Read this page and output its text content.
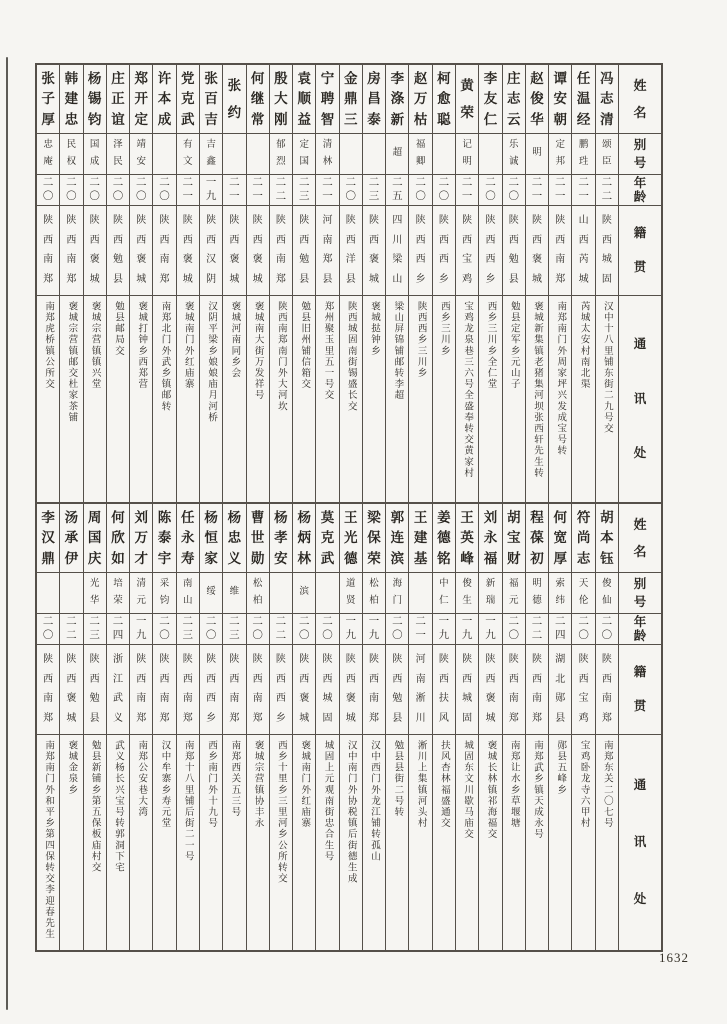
姓
名
别
号
年
龄
籍
贯
通
讯
处
冯
志
清
颂
臣
二
二
陕
西
城
固
汉中十八里铺东街二九号交
任
温
经
鹏
珄
二
一
山
西
芮
城
芮城太安村南北渠
谭
安
朝
定
邦
二
一
陕
西
南
郑
南郑南门外周家坪兴发成宝号转
赵
俊
华
明
二
一
陕
西
褒
城
褒城新集镇老猪集河坝张西轩先生转
庄
志
云
乐
诚
二
〇
陕
西
勉
县
勉县定军乡元山子
李
友
仁
二
〇
陕
西
西
乡
西乡三川乡全仁堂
黄
荣
记
明
二
一
陕
西
宝
鸡
宝鸡龙泉巷三六号全盛奉转交黄家村
柯
愈
聪
二
〇
陕
西
西
乡
西乡三川乡
赵
万
枯
福
卿
二
〇
陕
西
西
乡
陕西西乡三川乡
李
涤
新
超
二
五
四
川
梁
山
梁山屏锦铺邮转李超
房
昌
泰
二
三
陕
西
褒
城
褒城挞钟乡
金
鼎
三
二
〇
陕
西
洋
县
陕西城固南街锡盛长交
宁
聘
智
清
林
二
一
河
南
郑
县
郑州聚玉里五一号交
袁
顺
益
定
国
二
三
陕
西
勉
县
勉县旧州铺信箱交
殷
大
刚
郁
烈
二
二
陕
西
南
郑
陕西南郑南门外大河坎
何
继
常
二
一
陕
西
褒
城
褒城南大街万发祥号
张
约
二
一
陕
西
褒
城
褒城河南同乡会
张
百
吉
吉
鑫
一
九
陕
西
汉
阴
汉阴平梁乡娘娘庙月河桥
党
克
武
有
文
二
一
陕
西
褒
城
褒城南门外红庙寨
许
本
成
二
〇
陕
西
南
郑
南郑北门外武乡镇邮转
郑
开
定
靖
安
二
〇
陕
西
褒
城
褒城打钟乡西郑营
庄
正
谊
泽
民
二
〇
陕
西
勉
县
勉县邮局交
杨
锡
钧
国
成
二
〇
陕
西
褒
城
褒城宗营镇镇兴堂
韩
建
忠
民
权
二
〇
陕
西
南
郑
褒城宗营镇邮交杜家茶铺
张
子
厚
忠
庵
二
〇
陕
西
南
郑
南郑虎桥镇公所交
姓
名
别
号
年
龄
籍
贯
通
讯
处
胡
本
钰
俊
仙
二
〇
陕
西
南
郑
南郑东关二〇七号
符
尚
志
天
伦
二
〇
陕
西
宝
鸡
宝鸡卧龙寺六甲村
何
宽
厚
索
纬
二
四
湖
北
郧
县
郧县五峰乡
程
葆
初
明
德
二
二
陕
西
南
郑
南郑武乡镇天成永号
胡
宝
财
福
元
二
〇
陕
西
南
郑
南郑让水乡草堰塘
刘
永
福
新
瑞
一
九
陕
西
褒
城
褒城长林镇祁海福交
王
英
峰
俊
生
一
九
陕
西
城
固
城固东文川歇马庙交
姜
德
铭
中
仁
一
九
陕
西
扶
风
扶风杏林福盛通交
王
建
基
二
一
河
南
淅
川
淅川上集镇河头村
郭
连
滨
海
门
二
〇
陕
西
勉
县
勉县县街二号转
梁
保
荣
松
柏
一
九
陕
西
南
郑
汉中西门外龙江铺转孤山
王
光
德
道
贤
一
九
陕
西
褒
城
汉中南门外协税镇后街德生成
莫
克
武
二
〇
陕
西
城
固
城固上元观南街忠合生号
杨
炳
林
滨
二
〇
陕
西
褒
城
褒城南门外红庙寨
杨
孝
安
二
二
陕
西
西
乡
西乡十里乡三里河乡公所转交
曹
世
勋
松
柏
二
〇
陕
西
南
郑
褒城宗营镇协丰永
杨
忠
义
维
二
三
陕
西
南
郑
南郑西关五三号
杨
恒
家
绥
二
〇
陕
西
西
乡
西乡南门外十九号
任
永
寿
南
山
二
三
陕
西
南
郑
南郑十八里铺后街二一号
陈
泰
宇
采
钧
二
〇
陕
西
南
郑
汉中牟寨乡寿元堂
刘
万
才
清
元
一
九
陕
西
南
郑
南郑公安巷大湾
何
欣
如
培
荣
二
四
浙
江
武
义
武义杨长兴宝号转郭洞下宅
周
国
庆
光
华
二
三
陕
西
勉
县
勉县新铺乡第五保板庙村交
汤
承
伊
二
二
陕
西
褒
城
褒城金泉乡
李
汉
鼎
二
〇
陕
西
南
郑
南郑南门外和平乡第四保转交李迎春先生
1632
